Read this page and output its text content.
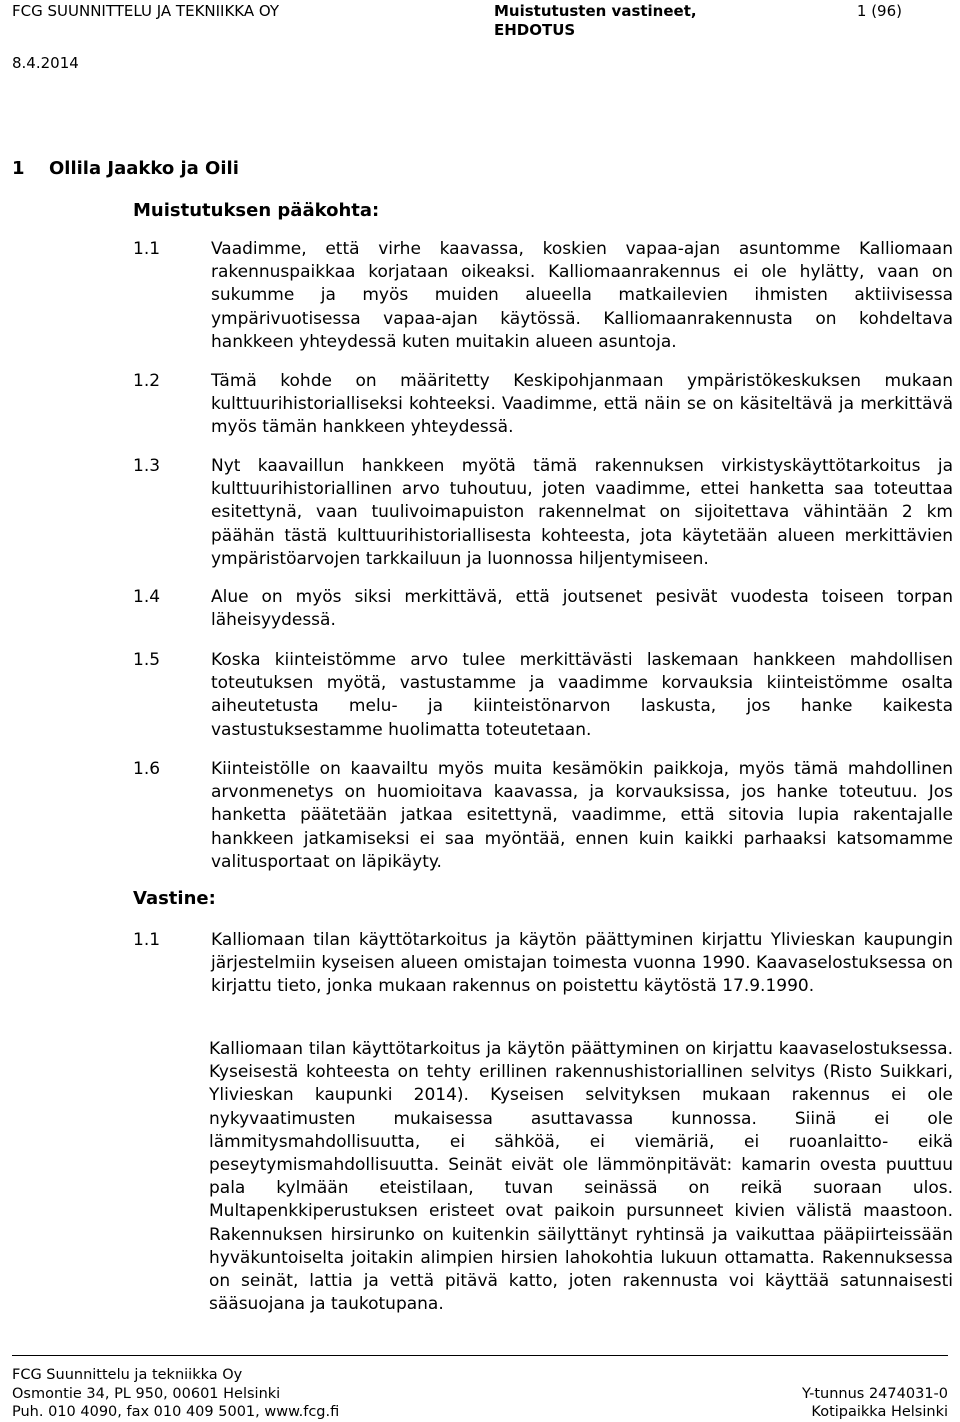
FCG SUUNNITTELU JA TEKNIIKKA OY	Muistutusten vastineet,
EHDOTUS
1 (96)
8.4.2014
1 Ollila Jaakko ja Oili
Muistutuksen pääkohta:
1.1	Vaadimme, että virhe kaavassa, koskien vapaa-ajan asuntomme Kalliomaan rakennuspaikkaa korjataan oikeaksi. Kalliomaanrakennus ei ole hylätty, vaan on sukumme ja myös muiden alueella matkailevien ihmisten aktiivisessa ympärivuotisessa vapaa-ajan käytössä. Kalliomaanrakennusta on kohdeltava hankkeen yhteydessä kuten muitakin alueen asuntoja.
1.2	Tämä kohde on määritetty Keskipohjanmaan ympäristökeskuksen mukaan kulttuurihistorialliseksi kohteeksi. Vaadimme, että näin se on käsiteltävä ja merkittävä myös tämän hankkeen yhteydessä.
1.3	Nyt kaavaillun hankkeen myötä tämä rakennuksen virkistyskäyttötarkoitus ja kulttuurihistoriallinen arvo tuhoutuu, joten vaadimme, ettei hanketta saa toteuttaa esitettynä, vaan tuulivoimapuiston rakennelmat on sijoitettava vähintään 2 km päähän tästä kulttuurihistoriallisesta kohteesta, jota käytetään alueen merkittävien ympäristöarvojen tarkkailuun ja luonnossa hiljentymiseen.
1.4	Alue on myös siksi merkittävä, että joutsenet pesivät vuodesta toiseen torpan läheisyydessä.
1.5	Koska kiinteistömme arvo tulee merkittävästi laskemaan hankkeen mahdollisen toteutuksen myötä, vastustamme ja vaadimme korvauksia kiinteistömme osalta aiheutetusta melu- ja kiinteistönarvon laskusta, jos hanke kaikesta vastustuksestamme huolimatta toteutetaan.
1.6	Kiinteistölle on kaavailtu myös muita kesämökin paikkoja, myös tämä mahdollinen arvonmenetys on huomioitava kaavassa, ja korvauksissa, jos hanke toteutuu. Jos hanketta päätetään jatkaa esitettynä, vaadimme, että sitovia lupia rakentajalle hankkeen jatkamiseksi ei saa myöntää, ennen kuin kaikki parhaaksi katsomamme valitusportaat on läpikäyty.
Vastine:
1.1	Kalliomaan tilan käyttötarkoitus ja käytön päättyminen kirjattu Ylivieskan kaupungin järjestelmiin kyseisen alueen omistajan toimesta vuonna 1990. Kaavaselostuksessa on kirjattu tieto, jonka mukaan rakennus on poistettu käytöstä 17.9.1990.
Kalliomaan tilan käyttötarkoitus ja käytön päättyminen on kirjattu kaavaselostuksessa. Kyseisestä kohteesta on tehty erillinen rakennushistoriallinen selvitys (Risto Suikkari, Ylivieskan kaupunki 2014). Kyseisen selvityksen mukaan rakennus ei ole nykyvaatimusten mukaisessa asuttavassa kunnossa. Siinä ei ole lämmitysmahdollisuutta, ei sähköä, ei viemäriä, ei ruoanlaitto- eikä peseytymismahdollisuutta. Seinät eivät ole lämmönpitävät: kamarin ovesta puuttuu pala kylmään eteistilaan, tuvan seinässä on reikä suoraan ulos. Multapenkkiperustuksen eristeet ovat paikoin pursunneet kivien välistä maastoon. Rakennuksen hirsirunko on kuitenkin säilyttänyt ryhtinsä ja vaikuttaa pääpiirteissään hyväkuntoiselta joitakin alimpien hirsien lahokohtia lukuun ottamatta. Rakennuksessa on seinät, lattia ja vettä pitävä katto, joten rakennusta voi käyttää satunnaisesti sääsuojana ja taukotupana.
FCG Suunnittelu ja tekniikka Oy
Osmontie 34, PL 950, 00601 Helsinki	Y-tunnus 2474031-0
Puh. 010 4090, fax 010 409 5001, www.fcg.fi	Kotipaikka Helsinki
